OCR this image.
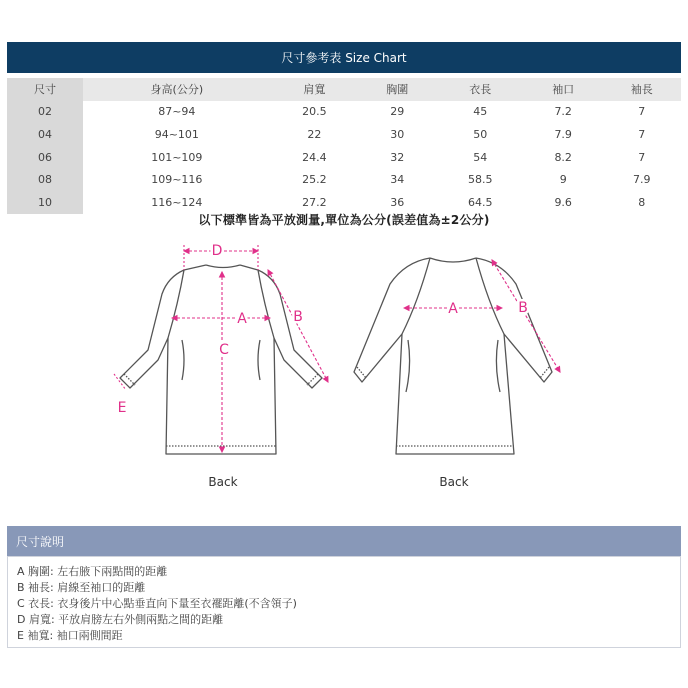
尺寸參考表 Size Chart
尺寸	身高(公分)	肩寬	胸圍	衣長	袖口	袖長
02	87~94	20.5	29	45	7.2	7
04	94~101	22	30	50	7.9	7
06	101~109	24.4	32	54	8.2	7
08	109~116	25.2	34	58.5	9	7.9
10	116~124	27.2	36	64.5	9.6	8
以下標準皆為平放測量,單位為公分(誤差值為±2公分)
D
A
C
B
E
Back
A	B
Back
尺寸說明
A 胸圍: 左右腋下兩點間的距離
B 袖長: 肩線至袖口的距離
C 衣長: 衣身後片中心點垂直向下量至衣襬距離(不含領子)
D 肩寬: 平放肩膀左右外側兩點之間的距離
E 袖寬: 袖口兩側間距
